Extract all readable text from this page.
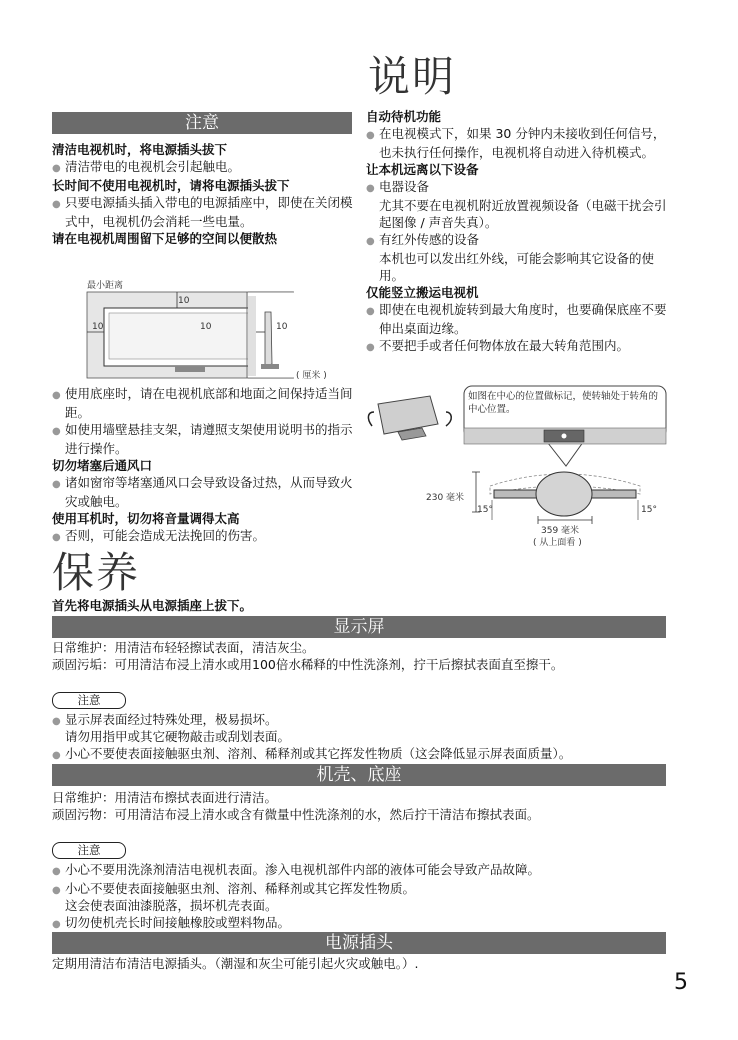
说明
注意
清洁电视机时，将电源插头拔下
● 清洁带电的电视机会引起触电。
长时间不使用电视机时，请将电源插头拔下
● 只要电源插头插入带电的电源插座中，即使在关闭模式中，电视机仍会消耗一些电量。
请在电视机周围留下足够的空间以便散热
最小距离
10
10	10	10
( 厘米 )
● 使用底座时，请在电视机底部和地面之间保持适当间距。
● 如使用墙壁悬挂支架，请遵照支架使用说明书的指示进行操作。
切勿堵塞后通风口
● 诸如窗帘等堵塞通风口会导致设备过热，从而导致火灾或触电。
使用耳机时，切勿将音量调得太高
● 否则，可能会造成无法挽回的伤害。
自动待机功能
● 在电视模式下，如果 30 分钟内未接收到任何信号，也未执行任何操作，电视机将自动进入待机模式。
让本机远离以下设备
● 电器设备
尤其不要在电视机附近放置视频设备（电磁干扰会引起图像 / 声音失真）。
● 有红外传感的设备
本机也可以发出红外线，可能会影响其它设备的使用。
仅能竖立搬运电视机
● 即使在电视机旋转到最大角度时，也要确保底座不要伸出桌面边缘。
● 不要把手或者任何物体放在最大转角范围内。
如图在中心的位置做标记，使转轴处于转角的中心位置。
230 毫米
15°	15°
359 毫米
( 从上面看 )
保养
首先将电源插头从电源插座上拔下。
显示屏
日常维护：用清洁布轻轻擦试表面，清洁灰尘。
顽固污垢：可用清洁布浸上清水或用100倍水稀释的中性洗涤剂，拧干后擦拭表面直至擦干。
注意
● 显示屏表面经过特殊处理，极易损坏。
请勿用指甲或其它硬物敲击或刮划表面。
● 小心不要使表面接触驱虫剂、溶剂、稀释剂或其它挥发性物质（这会降低显示屏表面质量）。
机壳、底座
日常维护：用清洁布擦拭表面进行清洁。
顽固污物：可用清洁布浸上清水或含有微量中性洗涤剂的水，然后拧干清洁布擦拭表面。
注意
● 小心不要用洗涤剂清洁电视机表面。渗入电视机部件内部的液体可能会导致产品故障。
● 小心不要使表面接触驱虫剂、溶剂、稀释剂或其它挥发性物质。
这会使表面油漆脱落，损坏机壳表面。
● 切勿使机壳长时间接触橡胶或塑料物品。
电源插头
定期用清洁布清洁电源插头。（潮湿和灰尘可能引起火灾或触电。）.
5
